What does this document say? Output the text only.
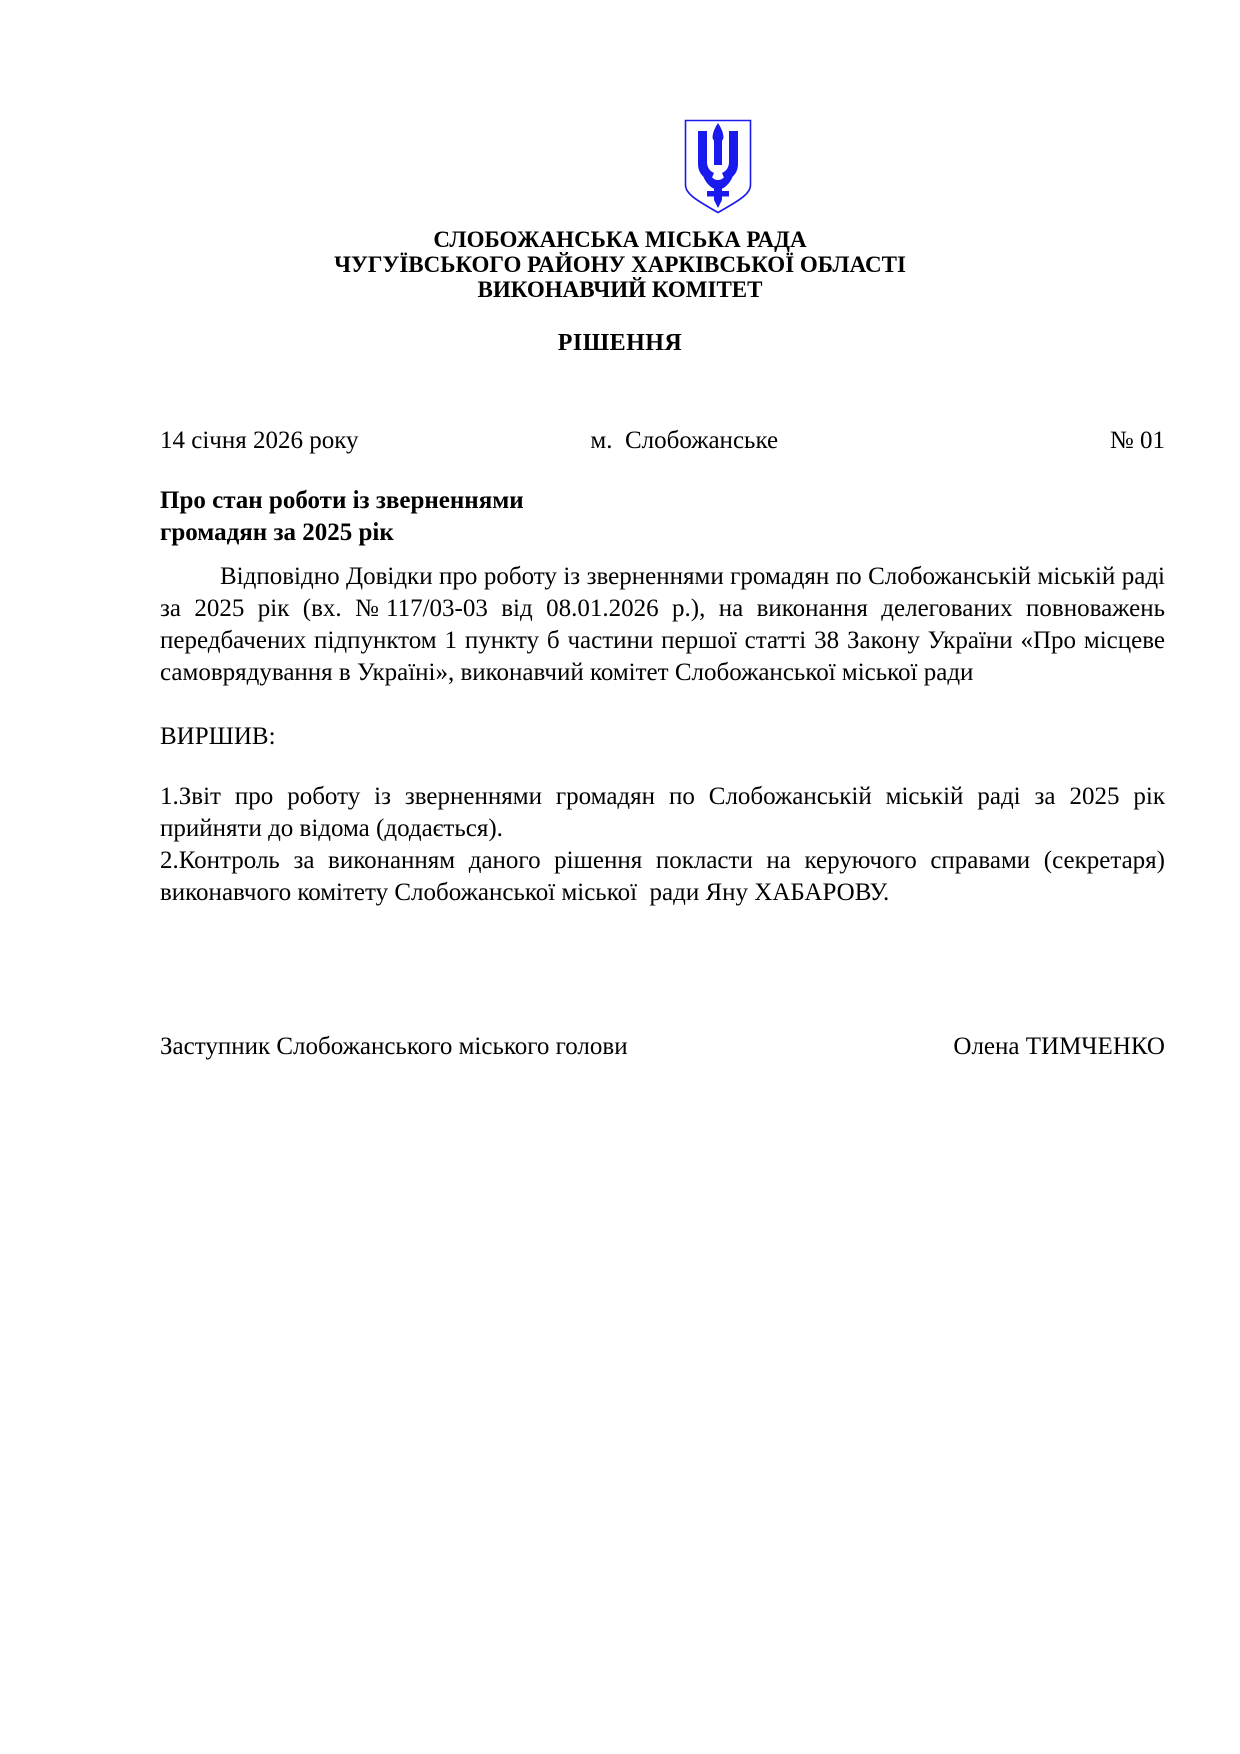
СЛОБОЖАНСЬКА МІСЬКА РАДА
ЧУГУЇВСЬКОГО РАЙОНУ ХАРКІВСЬКОЇ ОБЛАСТІ
ВИКОНАВЧИЙ КОМІТЕТ
РІШЕННЯ
14 січня 2026 року	м.  Слобожанське	№ 01
Про стан роботи із зверненнями
громадян за 2025 рік
Відповідно Довідки про роботу із зверненнями громадян по Слобожанській міській раді за 2025 рік (вх. №117/03-03 від 08.01.2026 р.), на виконання делегованих повноважень передбачених підпунктом 1 пункту б частини першої статті 38 Закону України «Про місцеве самоврядування в Україні», виконавчий комітет Слобожанської міської ради
ВИРШИВ:
1.Звіт про роботу із зверненнями громадян по Слобожанській міській раді за 2025 рік прийняти до відома (додається).
2.Контроль за виконанням даного рішення покласти на керуючого справами (секретаря) виконавчого комітету Слобожанської міської  ради Яну ХАБАРОВУ.
Заступник Слобожанського міського голови	Олена ТИМЧЕНКО
